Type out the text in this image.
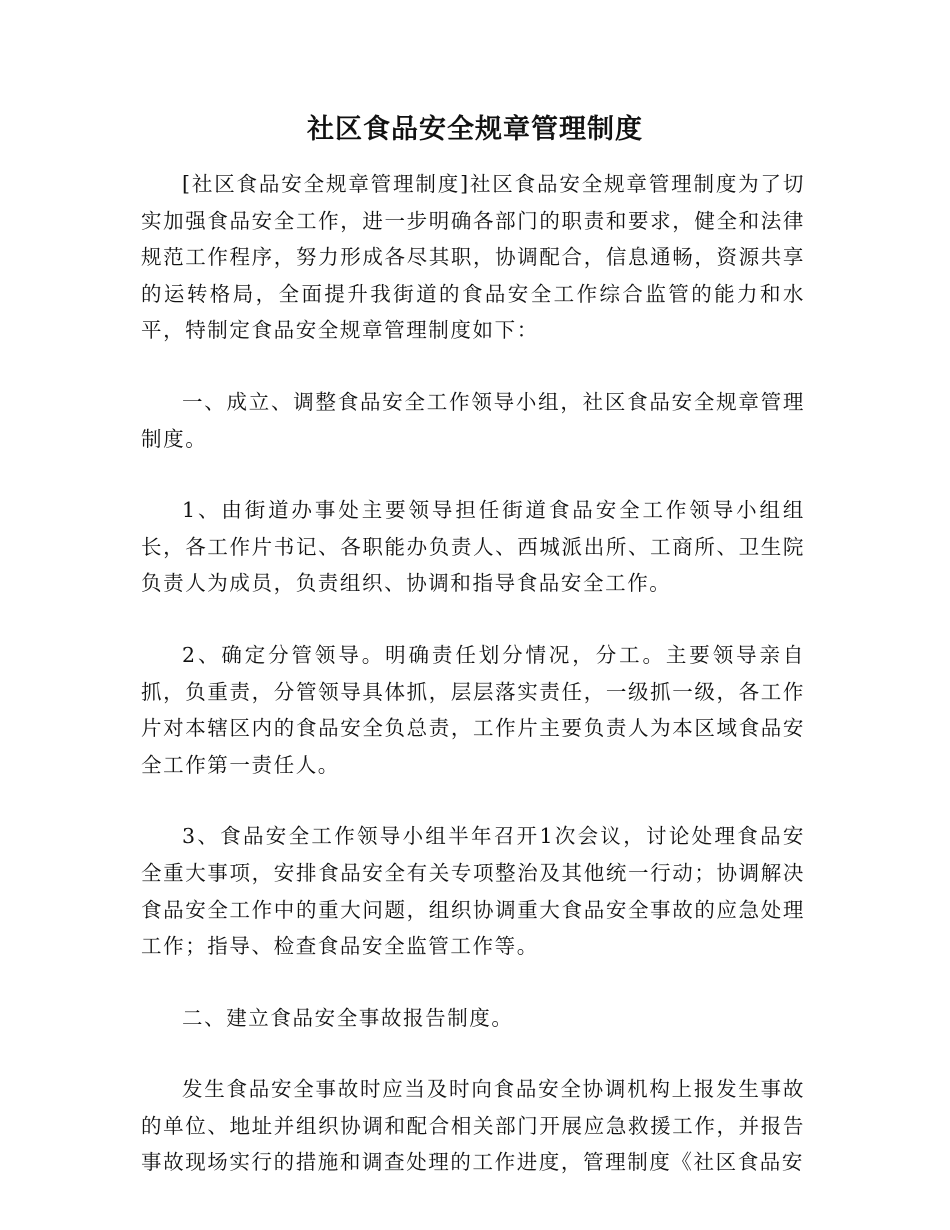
社区食品安全规章管理制度

[社区食品安全规章管理制度]社区食品安全规章管理制度为了切实加强食品安全工作，进一步明确各部门的职责和要求，健全和法律规范工作程序，努力形成各尽其职，协调配合，信息通畅，资源共享的运转格局，全面提升我街道的食品安全工作综合监管的能力和水平，特制定食品安全规章管理制度如下：

一、成立、调整食品安全工作领导小组，社区食品安全规章管理制度。

1、由街道办事处主要领导担任街道食品安全工作领导小组组长，各工作片书记、各职能办负责人、西城派出所、工商所、卫生院负责人为成员，负责组织、协调和指导食品安全工作。

2、确定分管领导。明确责任划分情况，分工。主要领导亲自抓，负重责，分管领导具体抓，层层落实责任，一级抓一级，各工作片对本辖区内的食品安全负总责，工作片主要负责人为本区域食品安全工作第一责任人。

3、食品安全工作领导小组半年召开1次会议，讨论处理食品安全重大事项，安排食品安全有关专项整治及其他统一行动；协调解决食品安全工作中的重大问题，组织协调重大食品安全事故的应急处理工作；指导、检查食品安全监管工作等。

二、建立食品安全事故报告制度。

发生食品安全事故时应当及时向食品安全协调机构上报发生事故的单位、地址并组织协调和配合相关部门开展应急救援工作，并报告事故现场实行的措施和调查处理的工作进度，管理制度《社区食品安
